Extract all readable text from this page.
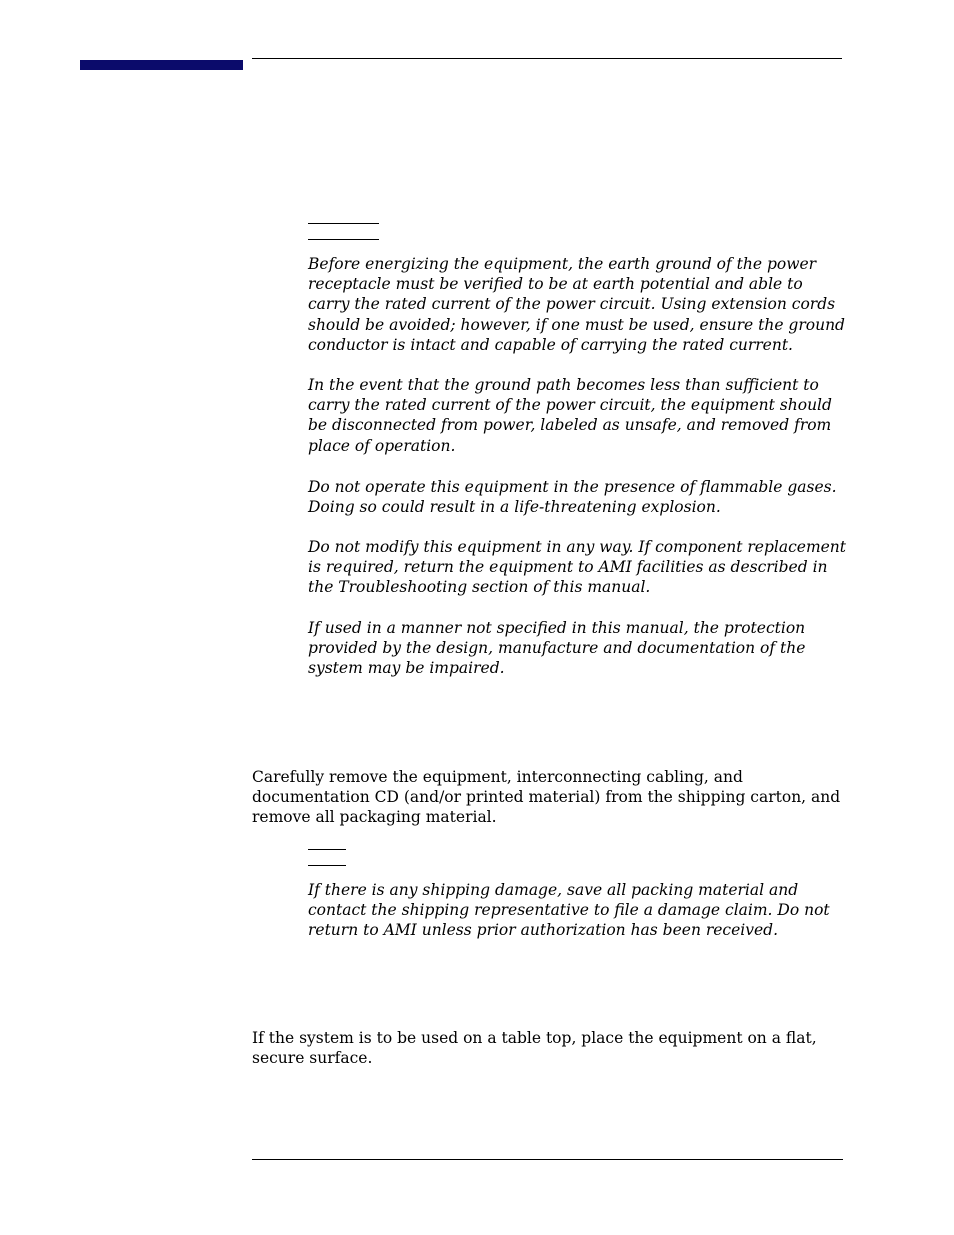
Before energizing the equipment, the earth ground of the power receptacle must be verified to be at earth potential and able to carry the rated current of the power circuit. Using extension cords should be avoided; however, if one must be used, ensure the ground conductor is intact and capable of carrying the rated current.

In the event that the ground path becomes less than sufficient to carry the rated current of the power circuit, the equipment should be disconnected from power, labeled as unsafe, and removed from place of operation.

Do not operate this equipment in the presence of flammable gases. Doing so could result in a life-threatening explosion.

Do not modify this equipment in any way. If component replacement is required, return the equipment to AMI facilities as described in the Troubleshooting section of this manual.

If used in a manner not specified in this manual, the protection provided by the design, manufacture and documentation of the system may be impaired.

Carefully remove the equipment, interconnecting cabling, and documentation CD (and/or printed material) from the shipping carton, and remove all packaging material.

If there is any shipping damage, save all packing material and contact the shipping representative to file a damage claim. Do not return to AMI unless prior authorization has been received.

If the system is to be used on a table top, place the equipment on a flat, secure surface.
